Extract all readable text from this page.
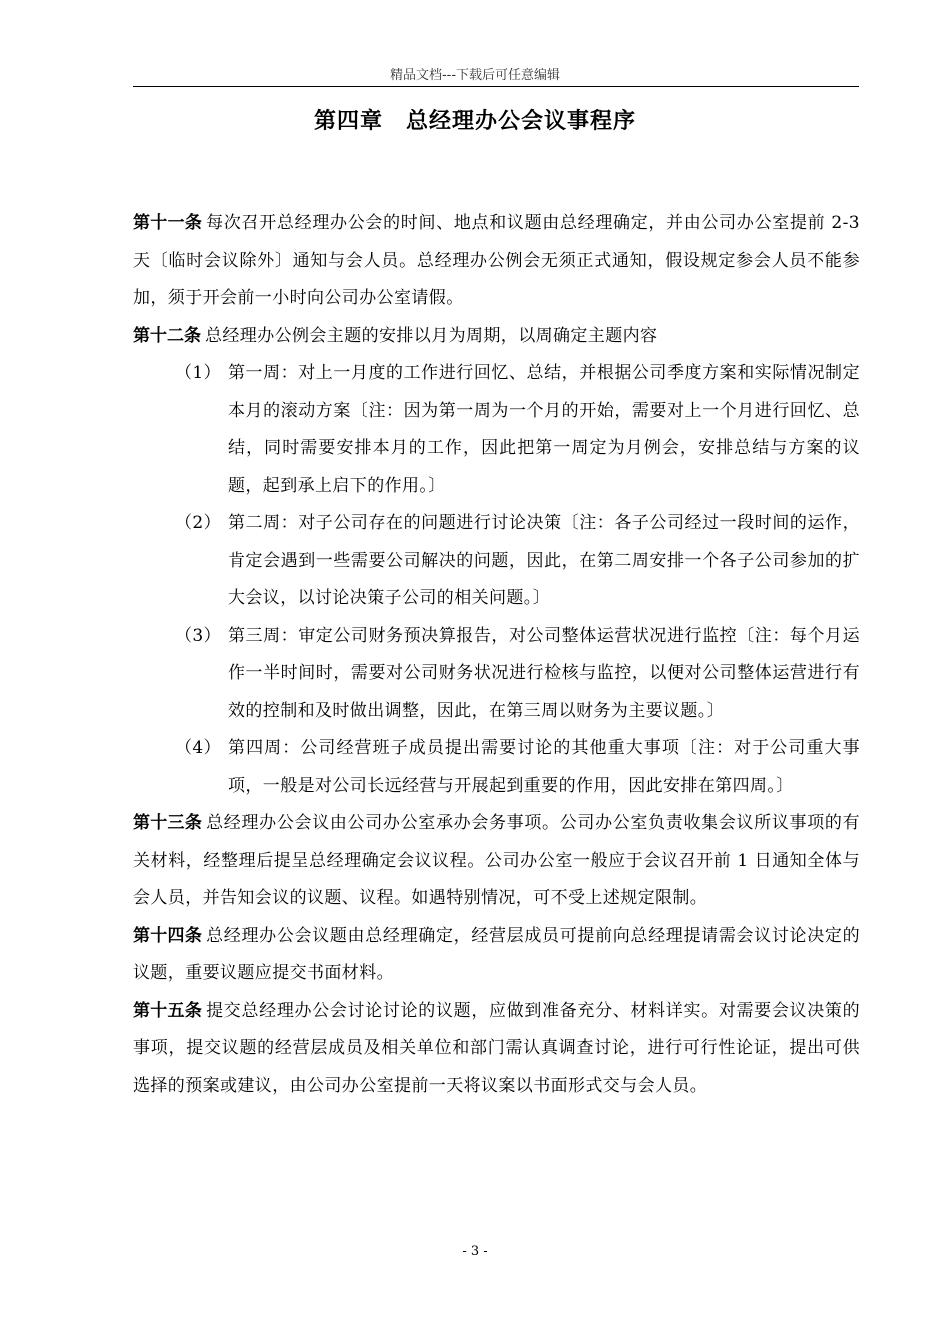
精品文档---下载后可任意编辑
第四章　总经理办公会议事程序

第十一条 每次召开总经理办公会的时间、地点和议题由总经理确定，并由公司办公室提前 2-3 天〔临时会议除外〕通知与会人员。总经理办公例会无须正式通知，假设规定参会人员不能参加，须于开会前一小时向公司办公室请假。

第十二条 总经理办公例会主题的安排以月为周期，以周确定主题内容

（1） 第一周：对上一月度的工作进行回忆、总结，并根据公司季度方案和实际情况制定本月的滚动方案〔注：因为第一周为一个月的开始，需要对上一个月进行回忆、总结，同时需要安排本月的工作，因此把第一周定为月例会，安排总结与方案的议题，起到承上启下的作用。〕

（2） 第二周：对子公司存在的问题进行讨论决策〔注：各子公司经过一段时间的运作，肯定会遇到一些需要公司解决的问题，因此，在第二周安排一个各子公司参加的扩大会议，以讨论决策子公司的相关问题。〕

（3） 第三周：审定公司财务预决算报告，对公司整体运营状况进行监控〔注：每个月运作一半时间时，需要对公司财务状况进行检核与监控，以便对公司整体运营进行有效的控制和及时做出调整，因此，在第三周以财务为主要议题。〕

（4） 第四周：公司经营班子成员提出需要讨论的其他重大事项〔注：对于公司重大事项，一般是对公司长远经营与开展起到重要的作用，因此安排在第四周。〕

第十三条 总经理办公会议由公司办公室承办会务事项。公司办公室负责收集会议所议事项的有关材料，经整理后提呈总经理确定会议议程。公司办公室一般应于会议召开前 1 日通知全体与会人员，并告知会议的议题、议程。如遇特别情况，可不受上述规定限制。

第十四条 总经理办公会议题由总经理确定，经营层成员可提前向总经理提请需会议讨论决定的议题，重要议题应提交书面材料。

第十五条 提交总经理办公会讨论讨论的议题，应做到准备充分、材料详实。对需要会议决策的事项，提交议题的经营层成员及相关单位和部门需认真调查讨论，进行可行性论证，提出可供选择的预案或建议，由公司办公室提前一天将议案以书面形式交与会人员。

- 3 -
